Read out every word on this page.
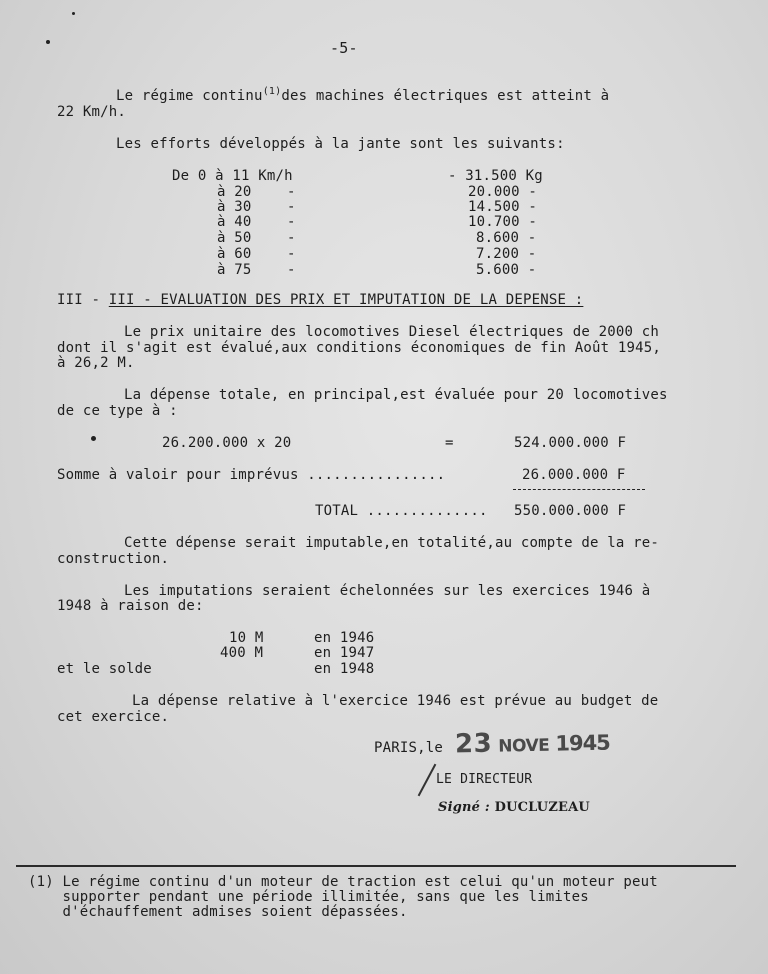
-5-
Le régime continu$^{(1)}$des machines électriques est atteint à
22 Km/h.
Les efforts développés à la jante sont les suivants:
De 0 à 11 Km/h	- 31.500 Kg
à 20	-	20.000 -
à 30	-	14.500 -
à 40	-	10.700 -
à 50	-	8.600 -
à 60	-	7.200 -
à 75	-	5.600 -
III - III - EVALUATION DES PRIX ET IMPUTATION DE LA DEPENSE :
Le prix unitaire des locomotives Diesel électriques de 2000 ch
dont il s'agit est évalué,aux conditions économiques de fin Août 1945,
à 26,2 M.
La dépense totale, en principal,est évaluée pour 20 locomotives
de ce type à :
26.200.000 x 20	=	524.000.000 F
Somme à valoir pour imprévus ................	26.000.000 F
TOTAL .............. 550.000.000 F
Cette dépense serait imputable,en totalité,au compte de la re-
construction.
Les imputations seraient échelonnées sur les exercices 1946 à
1948 à raison de:
10 M	en 1946
400 M	en 1947
et le solde	en 1948
La dépense relative à l'exercice 1946 est prévue au budget de
cet exercice.
PARIS,le 23 NOVE 1945
LE DIRECTEUR
Signé : DUCLUZEAU
(1) Le régime continu d'un moteur de traction est celui qu'un moteur peut
supporter pendant une période illimitée, sans que les limites
d'échauffement admises soient dépassées.
